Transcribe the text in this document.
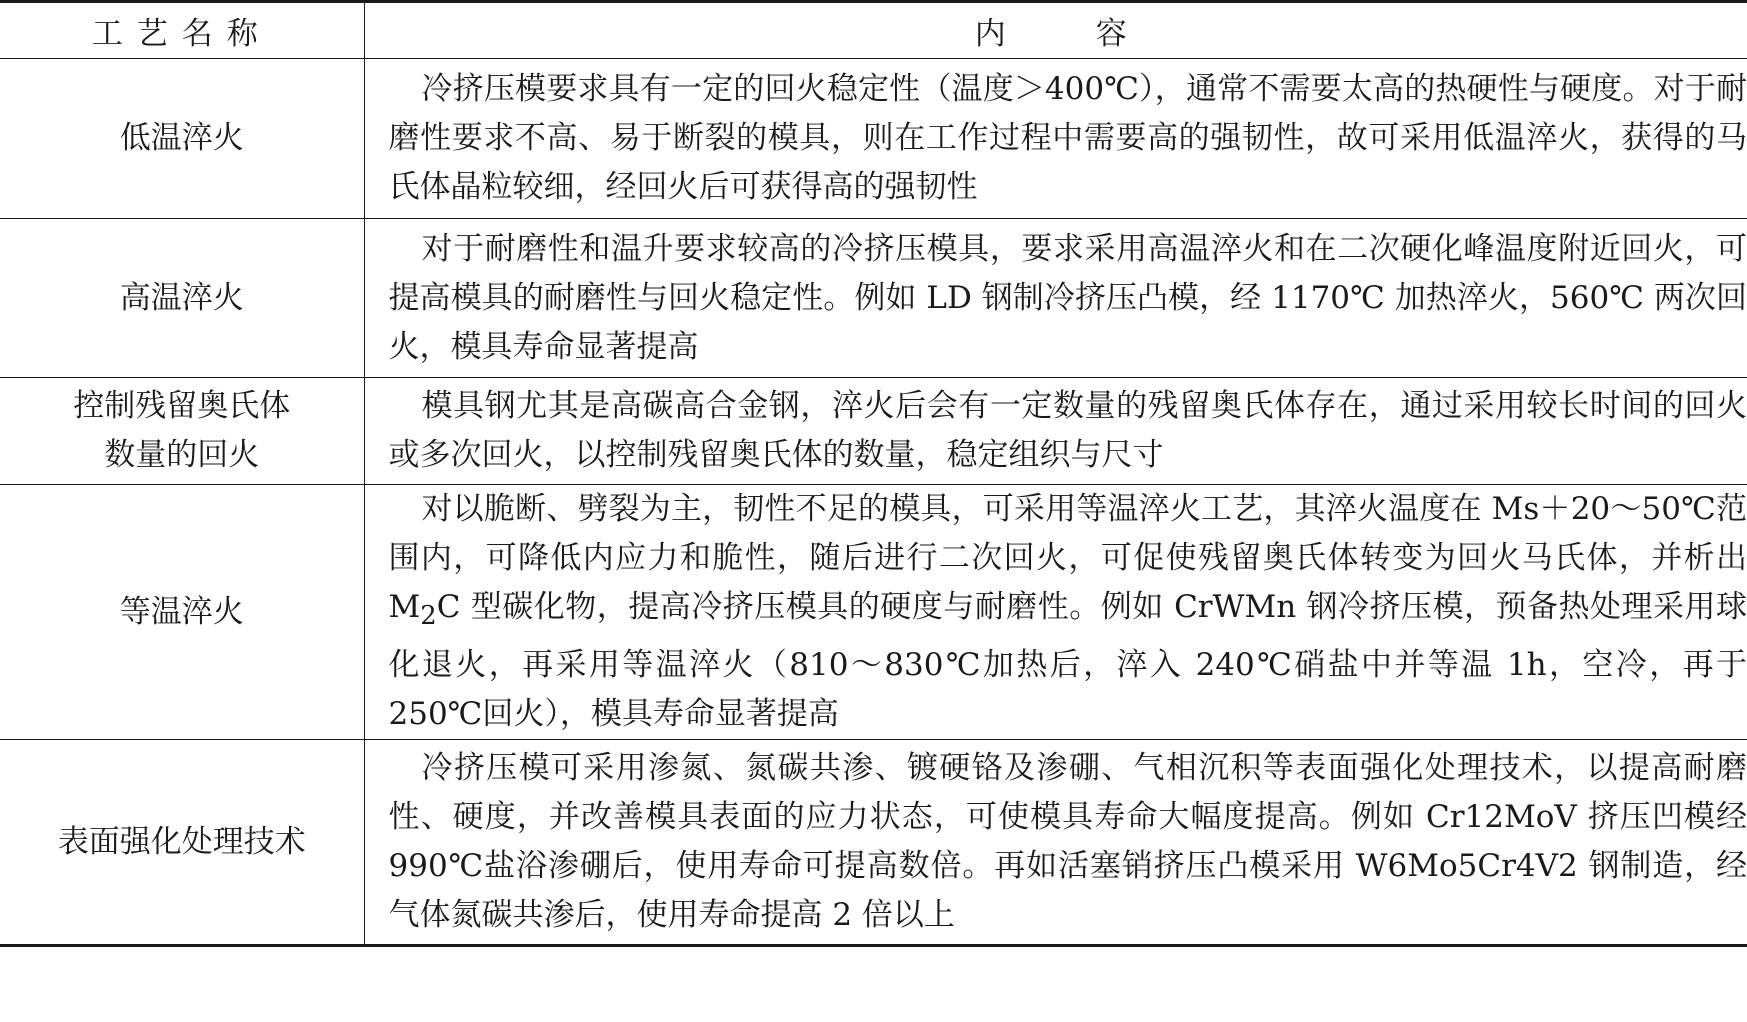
工艺名称	内容
低温淬火	冷挤压模要求具有一定的回火稳定性（温度＞400℃），通常不需要太高的热硬性与硬度。对于耐磨性要求不高、易于断裂的模具，则在工作过程中需要高的强韧性，故可采用低温淬火，获得的马氏体晶粒较细，经回火后可获得高的强韧性

高温淬火	对于耐磨性和温升要求较高的冷挤压模具，要求采用高温淬火和在二次硬化峰温度附近回火，可提高模具的耐磨性与回火稳定性。例如 LD 钢制冷挤压凸模，经 1170℃ 加热淬火，560℃ 两次回火，模具寿命显著提高

控制残留奥氏体
数量的回火	模具钢尤其是高碳高合金钢，淬火后会有一定数量的残留奥氏体存在，通过采用较长时间的回火或多次回火，以控制残留奥氏体的数量，稳定组织与尺寸

等温淬火	对以脆断、劈裂为主，韧性不足的模具，可采用等温淬火工艺，其淬火温度在 Ms＋20～50℃范围内，可降低内应力和脆性，随后进行二次回火，可促使残留奥氏体转变为回火马氏体，并析出 $M_2C$ 型碳化物，提高冷挤压模具的硬度与耐磨性。例如 CrWMn 钢冷挤压模，预备热处理采用球化退火，再采用等温淬火（810～830℃加热后，淬入 240℃硝盐中并等温 1h，空冷，再于 250℃回火），模具寿命显著提高

表面强化处理技术	冷挤压模可采用渗氮、氮碳共渗、镀硬铬及渗硼、气相沉积等表面强化处理技术，以提高耐磨性、硬度，并改善模具表面的应力状态，可使模具寿命大幅度提高。例如 Cr12MoV 挤压凹模经 990℃盐浴渗硼后，使用寿命可提高数倍。再如活塞销挤压凸模采用 W6Mo5Cr4V2 钢制造，经气体氮碳共渗后，使用寿命提高 2 倍以上
